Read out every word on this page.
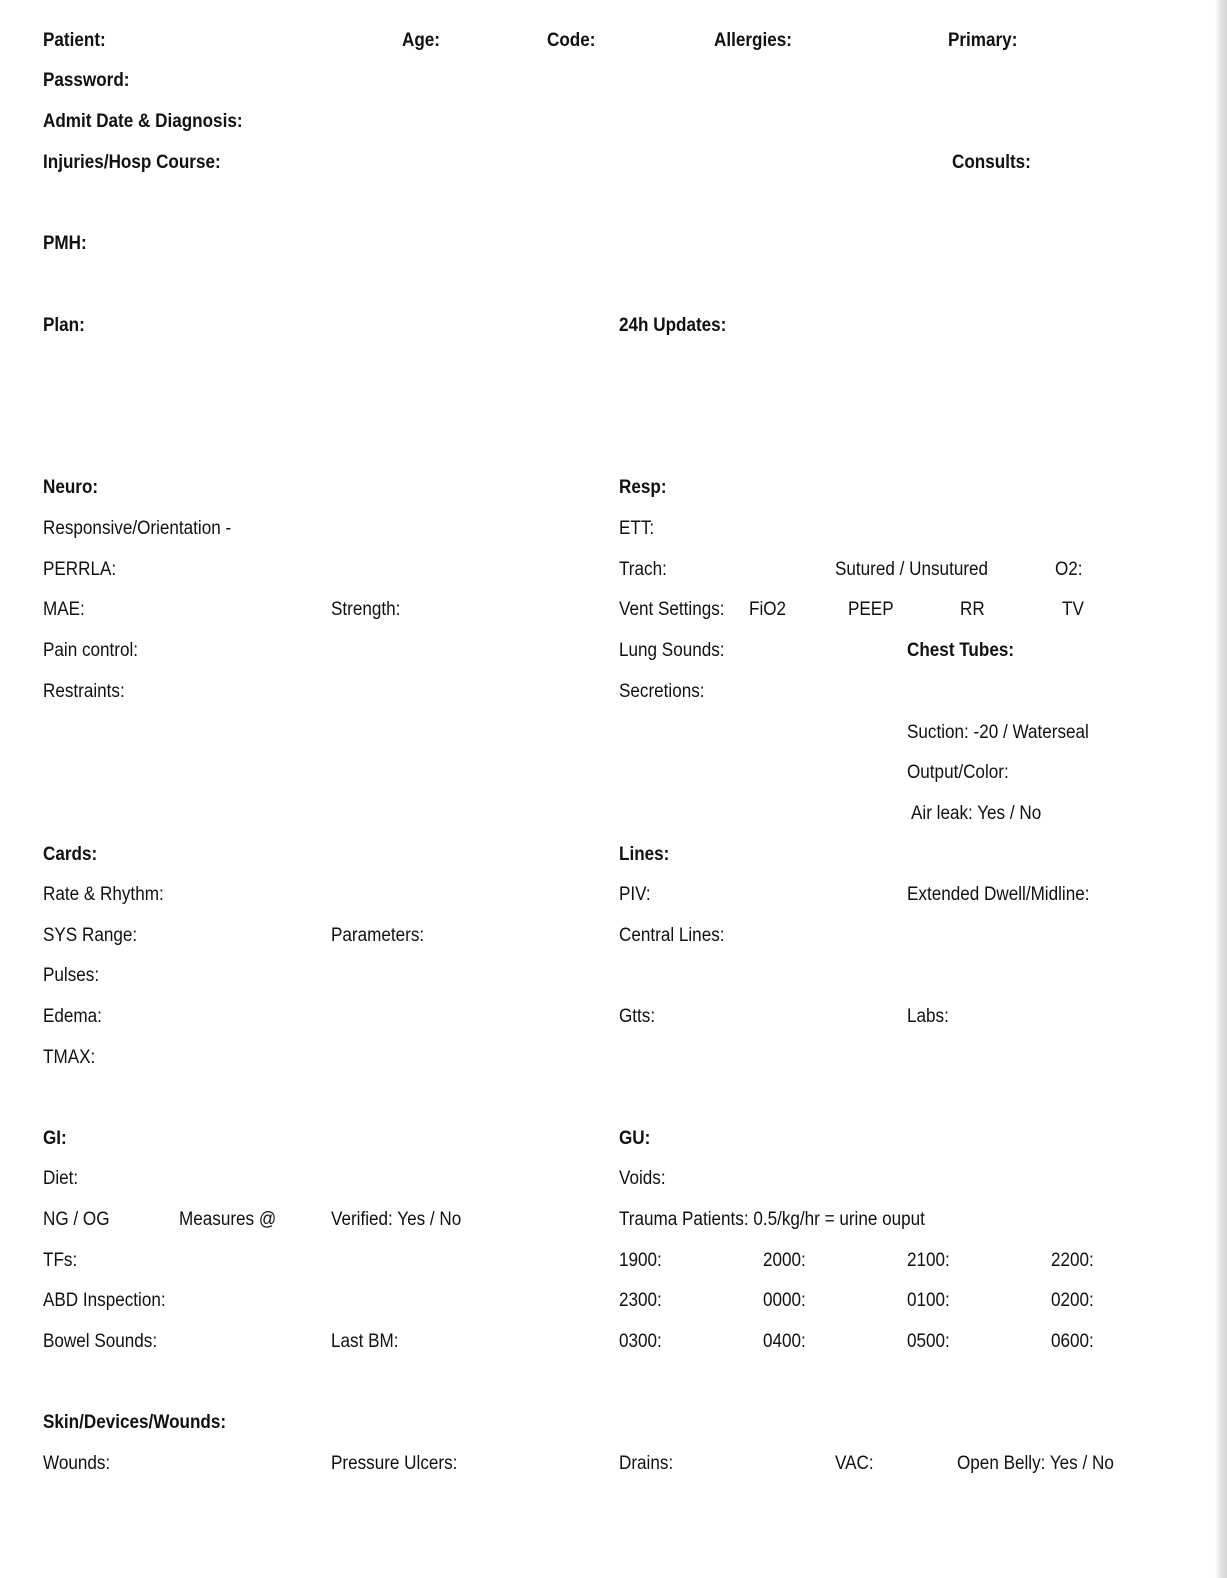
Patient:	Age:	Code:	Allergies:	Primary:
Password:
Admit Date & Diagnosis:
Injuries/Hosp Course:	Consults:
PMH:
Plan:	24h Updates:
Neuro:
Responsive/Orientation -
PERRLA:
MAE:	Strength:
Pain control:
Restraints:
Resp:
ETT:
Trach:	Sutured / Unsutured	O2:
Vent Settings: FiO2	PEEP	RR	TV
Lung Sounds:	Chest Tubes:
Secretions:
Suction: -20 / Waterseal
Output/Color:
Air leak: Yes / No
Cards:
Rate & Rhythm:
SYS Range:	Parameters:
Pulses:
Edema:
TMAX:
Lines:
PIV:	Extended Dwell/Midline:
Central Lines:
Gtts:	Labs:
GI:
Diet:
NG / OG	Measures @	Verified: Yes / No
TFs:
ABD Inspection:
Bowel Sounds:	Last BM:
GU:
Voids:
Trauma Patients: 0.5/kg/hr = urine ouput
1900:	2000:	2100:	2200:
2300:	0000:	0100:	0200:
0300:	0400:	0500:	0600:
Skin/Devices/Wounds:
Wounds:	Pressure Ulcers:	Drains:	VAC:	Open Belly: Yes / No
